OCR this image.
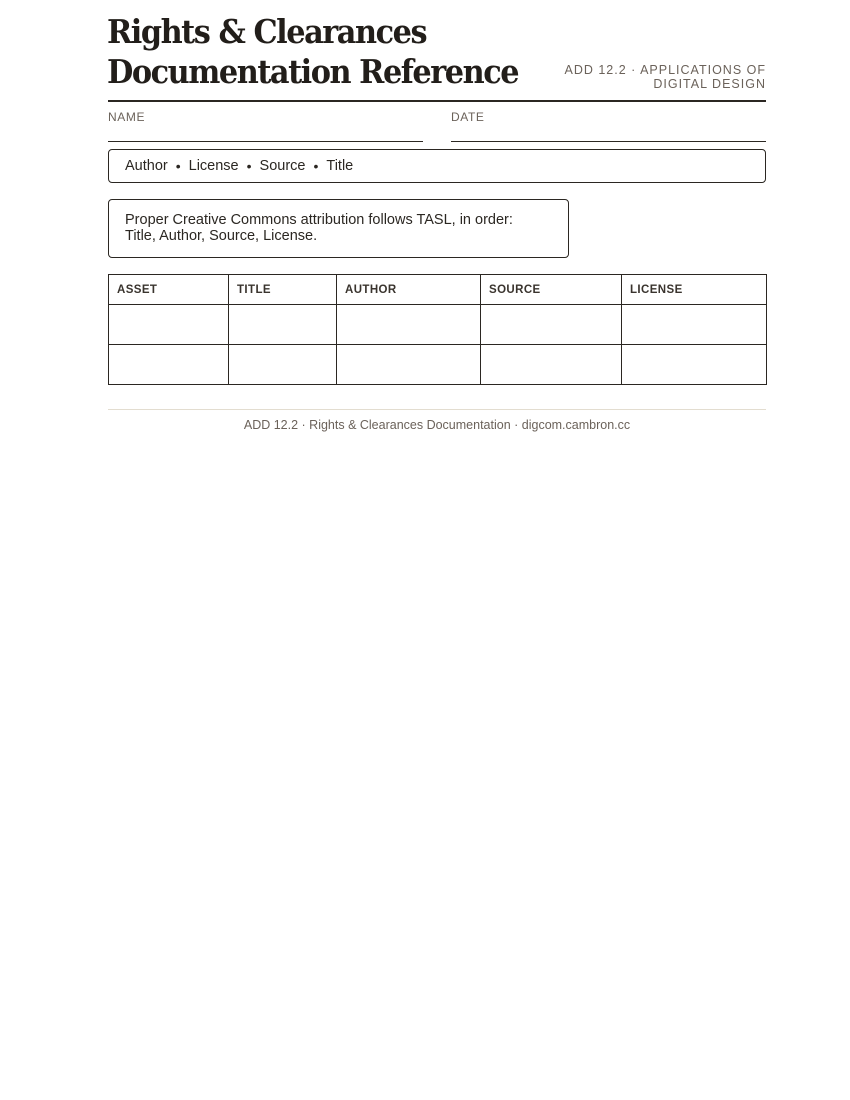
Rights & Clearances
Documentation Reference	ADD 12.2 · APPLICATIONS OF
DIGITAL DESIGN
NAME	DATE
Author • License • Source • Title
Proper Creative Commons attribution follows TASL, in order:
Title, Author, Source, License.
ASSET	TITLE	AUTHOR	SOURCE	LICENSE

ADD 12.2 · Rights & Clearances Documentation · digcom.cambron.cc
